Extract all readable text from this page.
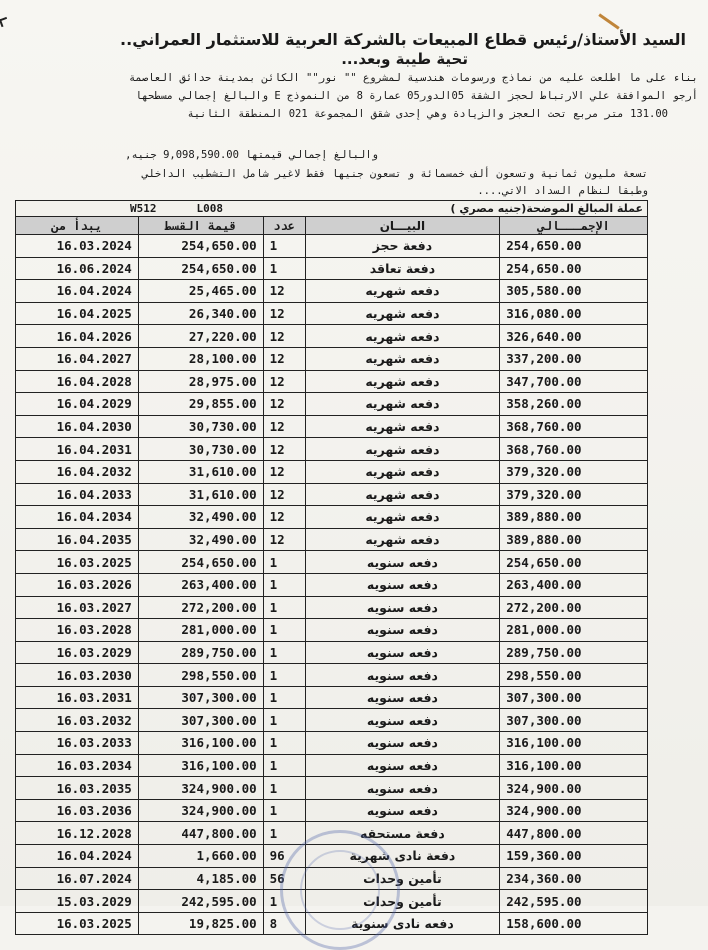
السيد الأستاذ/رئيس قطاع المبيعات بالشركة العربية للاستثمار العمراني..
تحية طيبة وبعد...
بناء على ما اطلعت عليه من نماذج ورسومات هندسية لمشروع "" نور"" الكائن بمدينة حدائق العاصمة
أرجو الموافقة علي الارتباط لحجز الشقة 05الدور05 عمارة 8 من النموذج E والبالغ إجمالي مسطحها
131.00 متر مربع تحت العجز والزيادة وهي إحدى شقق المجموعة 021 المنطقة الثانية
والبالغ إجمالي قيمتها 9,098,590.00 جنيه,
تسعة مليون ثمانية وتسعون ألف خمسمائة و تسعون جنيها فقط لاغير شامل التشطيب الداخلي
وطبقا لنظام السداد الاتي....
W512 L008 عملة المبالغ الموضحة(جنيه مصري )				

يبدأ من	قيمة القسط	عدد	البيـــان	الإجمـــالي
16.03.2024	254,650.00	1	دفعة حجز	254,650.00
16.06.2024	254,650.00	1	دفعة تعاقد	254,650.00
16.04.2024	25,465.00	12	دفعه شهريه	305,580.00
16.04.2025	26,340.00	12	دفعه شهريه	316,080.00
16.04.2026	27,220.00	12	دفعه شهريه	326,640.00
16.04.2027	28,100.00	12	دفعه شهريه	337,200.00
16.04.2028	28,975.00	12	دفعه شهريه	347,700.00
16.04.2029	29,855.00	12	دفعه شهريه	358,260.00
16.04.2030	30,730.00	12	دفعه شهريه	368,760.00
16.04.2031	30,730.00	12	دفعه شهريه	368,760.00
16.04.2032	31,610.00	12	دفعه شهريه	379,320.00
16.04.2033	31,610.00	12	دفعه شهريه	379,320.00
16.04.2034	32,490.00	12	دفعه شهريه	389,880.00
16.04.2035	32,490.00	12	دفعه شهريه	389,880.00
16.03.2025	254,650.00	1	دفعه سنويه	254,650.00
16.03.2026	263,400.00	1	دفعه سنويه	263,400.00
16.03.2027	272,200.00	1	دفعه سنويه	272,200.00
16.03.2028	281,000.00	1	دفعه سنويه	281,000.00
16.03.2029	289,750.00	1	دفعه سنويه	289,750.00
16.03.2030	298,550.00	1	دفعه سنويه	298,550.00
16.03.2031	307,300.00	1	دفعه سنويه	307,300.00
16.03.2032	307,300.00	1	دفعه سنويه	307,300.00
16.03.2033	316,100.00	1	دفعه سنويه	316,100.00
16.03.2034	316,100.00	1	دفعه سنويه	316,100.00
16.03.2035	324,900.00	1	دفعه سنويه	324,900.00
16.03.2036	324,900.00	1	دفعه سنويه	324,900.00
16.12.2028	447,800.00	1	دفعة مستحقه	447,800.00
16.04.2024	1,660.00	96	دفعة نادى شهرية	159,360.00
16.07.2024	4,185.00	56	تأمين وحدات	234,360.00
15.03.2029	242,595.00	1	تأمين وحدات	242,595.00
16.03.2025	19,825.00	8	دفعه نادى سنوية	158,600.00
